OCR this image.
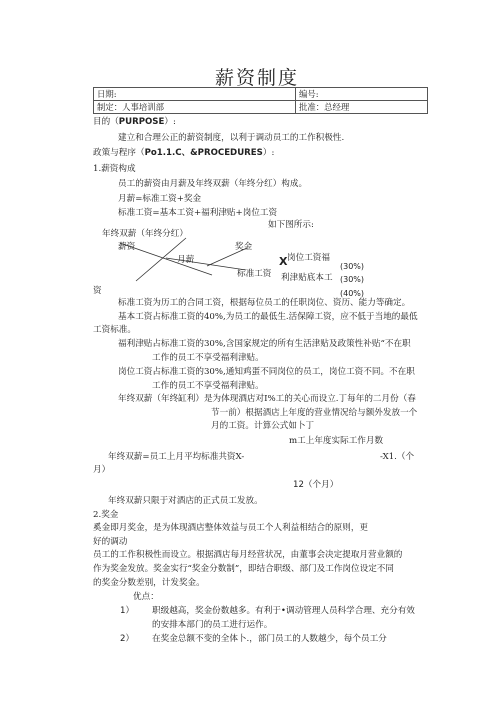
薪资制度
日期:	编号:
制定：人事培训部	批准：总经理
目的（PURPOSE）:
建立和合理公正的薪资制度，以利于调动员工的工作积极性.
政策与程序（Po1.1.C、&PROCEDURES）:
1.薪资构成
员工的薪资由月薪及年终双薪（年终分红）构成。
月薪=标准工资+奖金
标准工资=基本工资+福利津贴+岗位工资
如下图所示:
年终双薪（年终分红）
薪资	奖金
月薪
标准工资
X 岗位工资福
利津贴底本工
(30%)
(30%)
(40%)
资
标准工资为历工的合同工资，根据每位员工的任职岗位、资历、能力等确定。
基本工资占标准工资的40%,为员工的最低生.活保障工资，应不低于当地的最低
工资标准。
福利津贴占标准工资的30%,含国家规定的所有生活津贴及政策性补贴“不在职
工作的员工不享受福利津贴。
岗位工资占标准工资的30%,通知鸡蛋不同岗位的员工，岗位工资不同。不在职
工作的员工不享受福利津贴。
年终双薪（年终缸利）是为体现酒店对I%工的关心而设立.丁每年的二月份（春
节一前）根据酒店上年度的营业情况给与额外发放一个
月的工资。计算公式如卜丁
m工上年度实际工作月数
年终双薪=员工上月平均标准共资X-	-X1.（个
月）
12（个月）
年终双薪只限于对酒店的正式员工发放。
2.奖金
奚金即月奖金，是为体现酒店整体效益与员工个人利益相结合的原则，更
好的调动
员工的工作积极性而设立。根据酒店每月经营状况，由董事会决定提取月营业额的
作为奖金发放。奖金实行“奖金分数制”，即结合职级、部门及工作岗位设定不同
的奖金分数差别，计发奖金。
优点：
1） 职级越高，奖金份数越多。有利于•调动管理人员科学合理、充分有效
的安排本部门的员工进行运作。
2） 在奖金总额不变的全体卜.，部门员工的人数越少，每个员工分
